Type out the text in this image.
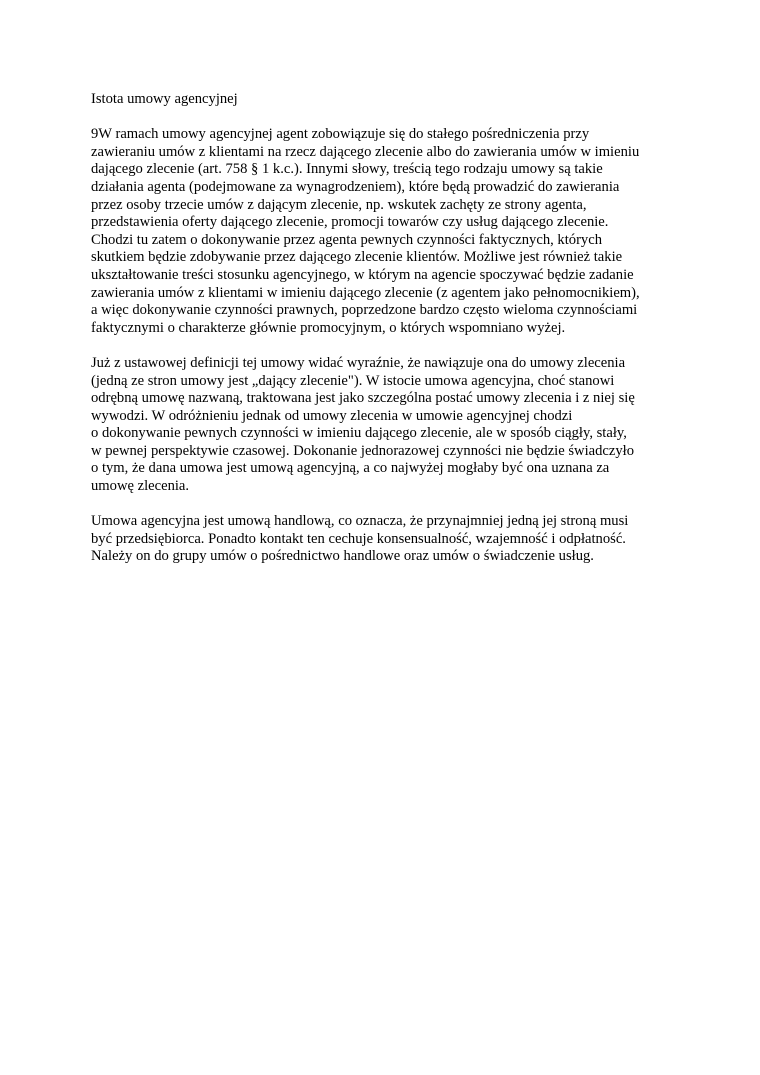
Istota umowy agencyjnej
9W ramach umowy agencyjnej agent zobowiązuje się do stałego pośredniczenia przy
zawieraniu umów z klientami na rzecz dającego zlecenie albo do zawierania umów w imieniu
dającego zlecenie (art. 758 § 1 k.c.). Innymi słowy, treścią tego rodzaju umowy są takie
działania agenta (podejmowane za wynagrodzeniem), które będą prowadzić do zawierania
przez osoby trzecie umów z dającym zlecenie, np. wskutek zachęty ze strony agenta,
przedstawienia oferty dającego zlecenie, promocji towarów czy usług dającego zlecenie.
Chodzi tu zatem o dokonywanie przez agenta pewnych czynności faktycznych, których
skutkiem będzie zdobywanie przez dającego zlecenie klientów. Możliwe jest również takie
ukształtowanie treści stosunku agencyjnego, w którym na agencie spoczywać będzie zadanie
zawierania umów z klientami w imieniu dającego zlecenie (z agentem jako pełnomocnikiem),
a więc dokonywanie czynności prawnych, poprzedzone bardzo często wieloma czynnościami
faktycznymi o charakterze głównie promocyjnym, o których wspomniano wyżej.
Już z ustawowej definicji tej umowy widać wyraźnie, że nawiązuje ona do umowy zlecenia
(jedną ze stron umowy jest „dający zlecenie"). W istocie umowa agencyjna, choć stanowi
odrębną umowę nazwaną, traktowana jest jako szczególna postać umowy zlecenia i z niej się
wywodzi. W odróżnieniu jednak od umowy zlecenia w umowie agencyjnej chodzi
o dokonywanie pewnych czynności w imieniu dającego zlecenie, ale w sposób ciągły, stały,
w pewnej perspektywie czasowej. Dokonanie jednorazowej czynności nie będzie świadczyło
o tym, że dana umowa jest umową agencyjną, a co najwyżej mogłaby być ona uznana za
umowę zlecenia.
Umowa agencyjna jest umową handlową, co oznacza, że przynajmniej jedną jej stroną musi
być przedsiębiorca. Ponadto kontakt ten cechuje konsensualność, wzajemność i odpłatność.
Należy on do grupy umów o pośrednictwo handlowe oraz umów o świadczenie usług.
